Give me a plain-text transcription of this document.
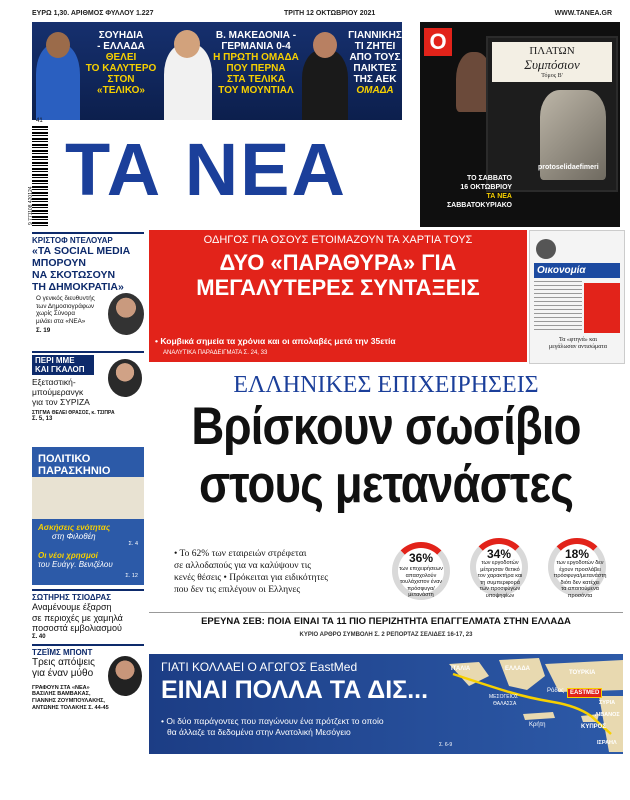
ΕΥΡΩ 1,30. ΑΡΙΘΜΟΣ ΦΥΛΛΟΥ 1.227	ΤΡΙΤΗ 12 ΟΚΤΩΒΡΙΟΥ 2021	WWW.TANEA.GR
ΣΟΥΗΔΙΑ
- ΕΛΛΑΔΑ
ΘΕΛΕΙ
ΤΟ ΚΑΛΥΤΕΡΟ
ΣΤΟΝ
«ΤΕΛΙΚΟ»
Β. ΜΑΚΕΔΟΝΙΑ -
ΓΕΡΜΑΝΙΑ 0-4
Η ΠΡΩΤΗ ΟΜΑΔΑ
ΠΟΥ ΠΕΡΝΑ
ΣΤΑ ΤΕΛΙΚΑ
ΤΟΥ ΜΟΥΝΤΙΑΛ
ΓΙΑΝΝΙΚΗΣ
ΤΙ ΖΗΤΕΙ
ΑΠΟ ΤΟΥΣ
ΠΑΙΚΤΕΣ
ΤΗΣ ΑΕΚ
ΟΜΑΔΑ
Ο	ΠΛΑΤΩΝ
Συμπόσιον
Τόμος Β'
protoselidaefimeri
ΤΟ ΣΑΒΒΑΤΟ
16 ΟΚΤΩΒΡΙΟΥ
ΤΑ ΝΕΑ
ΣΑΒΒΑΤΟΚΥΡΙΑΚΟ
9 771108 420124
41
ΤΑ ΝΕΑ
ΚΡΙΣΤΟΦ ΝΤΕΛΟΥΑΡ
«ΤΑ SOCIAL MEDIA
ΜΠΟΡΟΥΝ
ΝΑ ΣΚΟΤΩΣΟΥΝ
ΤΗ ΔΗΜΟΚΡΑΤΙΑ»
Ο γενικός διευθυντής
των Δημοσιογράφων
χωρίς Σύνορα
μιλάει στα «ΝΕΑ»
Σ. 19
ΠΕΡΙ ΜΜΕ
ΚΑΙ ΓΚΑΛΟΠ
Εξεταστική-
μπούμερανγκ
για τον ΣΥΡΙΖΑ
ΣΤΙΓΜΑ ΘΕΛΕΙ ΘΡΑΣΟΣ, κ. ΤΣΙΠΡΑ
Σ. 5, 13
ΠΟΛΙΤΙΚΟ
ΠΑΡΑΣΚΗΝΙΟ
Ασκήσεις ενότητας
στη Φιλοθέη
Σ. 4
Οι νέοι χρησμοί
του Ευάγγ. Βενιζέλου
Σ. 12
ΣΩΤΗΡΗΣ ΤΣΙΟΔΡΑΣ
Αναμένουμε έξαρση
σε περιοχές με χαμηλά
ποσοστά εμβολιασμού
Σ. 40
ΤΖΕΪΜΣ ΜΠΟΝΤ
Τρεις απόψεις
για έναν μύθο
ΓΡΑΦΟΥΝ ΣΤΑ «ΝΕΑ»
ΒΑΣΙΛΗΣ ΒΑΜΒΑΚΑΣ,
ΓΙΑΝΝΗΣ ΖΟΥΜΠΟΥΛΑΚΗΣ,
ΑΝΤΩΝΗΣ ΤΟΛΑΚΗΣ Σ. 44-45
ΟΔΗΓΟΣ ΓΙΑ ΟΣΟΥΣ ΕΤΟΙΜΑΖΟΥΝ ΤΑ ΧΑΡΤΙΑ ΤΟΥΣ
ΔΥΟ «ΠΑΡΑΘΥΡΑ» ΓΙΑ
ΜΕΓΑΛΥΤΕΡΕΣ ΣΥΝΤΑΞΕΙΣ
• Κομβικά σημεία τα χρόνια και οι απολαβές μετά την 35ετία
ΑΝΑΛΥΤΙΚΑ ΠΑΡΑΔΕΙΓΜΑΤΑ Σ. 24, 33
Οικονομία
Τα «φτηνά» και
μεγάλωσαν αντισώματα
ΕΛΛΗΝΙΚΕΣ ΕΠΙΧΕΙΡΗΣΕΙΣ
Βρίσκουν σωσίβιο
στους μετανάστες
• Το 62% των εταιρειών στρέφεται
σε αλλοδαπούς για να καλύψουν τις
κενές θέσεις • Πρόκειται για ειδικότητες
που δεν τις επιλέγουν οι Ελληνες
36%
των επιχειρήσεων
απασχολούν
τουλάχιστον έναν
πρόσφυγα/
μετανάστη
34%
των εργοδοτών
μέτρησαν θετικό
τον χαρακτήρα και
τη συμπεριφορά
των προσφύγων
υποψηφίων
18%
των εργοδοτών δεν
έχουν προσλάβει
πρόσφυγα/μετανάστη
διότι δεν κατέχει
τα απαιτούμενα
προσόντα
ΕΡΕΥΝΑ ΣΕΒ: ΠΟΙΑ ΕΙΝΑΙ ΤΑ 11 ΠΙΟ ΠΕΡΙΖΗΤΗΤΑ ΕΠΑΓΓΕΛΜΑΤΑ ΣΤΗΝ ΕΛΛΑΔΑ
ΚΥΡΙΟ ΑΡΘΡΟ ΣΥΜΒΟΛΗ Σ. 2 ΡΕΠΟΡΤΑΖ ΣΕΛΙΔΕΣ 16-17, 23
ΓΙΑΤΙ ΚΟΛΛΑΕΙ Ο ΑΓΩΓΟΣ EastMed
ΕΙΝΑΙ ΠΟΛΛΑ ΤΑ ΔΙΣ...
• Οι δύο παράγοντες που παγώνουν ένα πρότζεκτ το οποίο
θα άλλαζε τα δεδομένα στην Ανατολική Μεσόγειο
Σ. 6-9
ΙΤΑΛΙΑ	ΕΛΛΑΔΑ
ΤΟΥΡΚΙΑ
ΜΕΣΟΓΕΙΟΣ
ΘΑΛΑΣΣΑ
Ρόδος	EASTMED
Κρήτη	ΚΥΠΡΟΣ
ΣΥΡΙΑ
ΛΙΒΑΝΟΣ
ΙΣΡΑΗΛ
